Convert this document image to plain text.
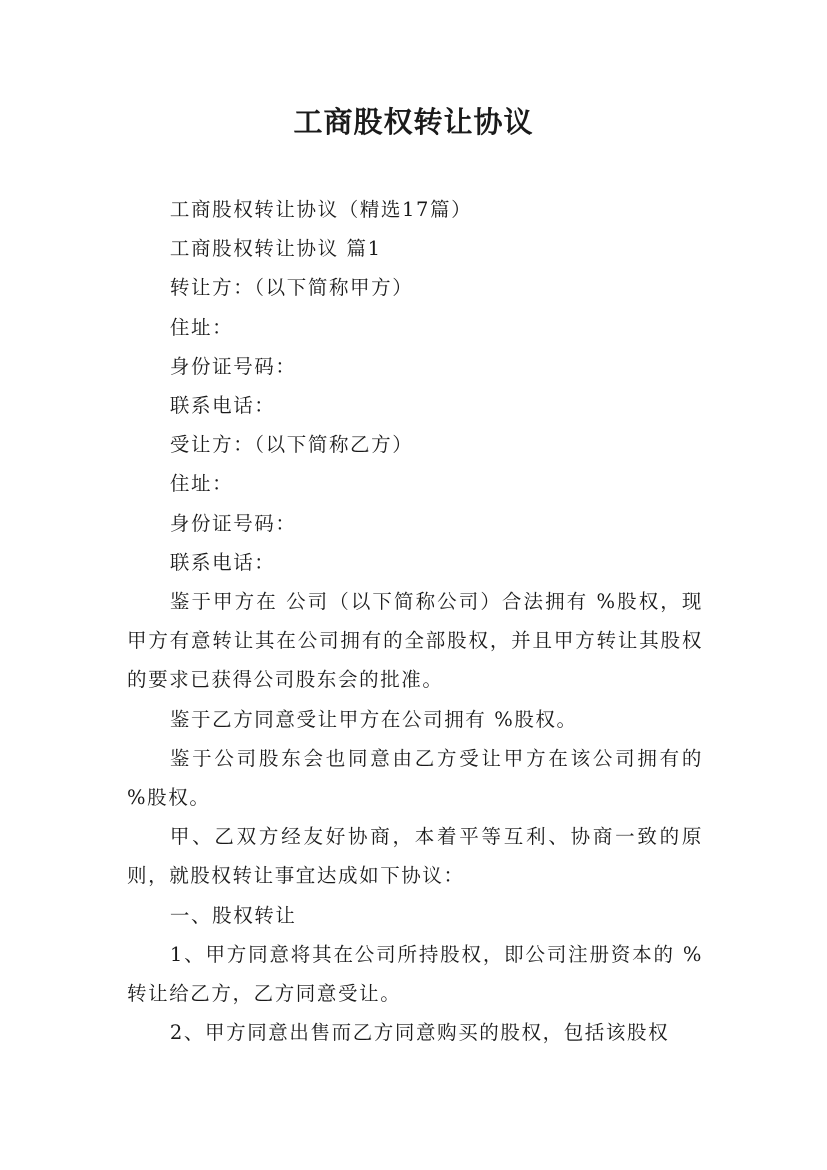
工商股权转让协议

工商股权转让协议（精选17篇）

工商股权转让协议 篇1

转让方：（以下简称甲方）

住址：

身份证号码：

联系电话：

受让方：（以下简称乙方）

住址：

身份证号码：

联系电话：

鉴于甲方在 公司（以下简称公司）合法拥有 %股权，现甲方有意转让其在公司拥有的全部股权，并且甲方转让其股权的要求已获得公司股东会的批准。

鉴于乙方同意受让甲方在公司拥有 %股权。

鉴于公司股东会也同意由乙方受让甲方在该公司拥有的 %股权。

甲、乙双方经友好协商，本着平等互利、协商一致的原则，就股权转让事宜达成如下协议：

一、股权转让

1、甲方同意将其在公司所持股权，即公司注册资本的 %转让给乙方，乙方同意受让。

2、甲方同意出售而乙方同意购买的股权，包括该股权
